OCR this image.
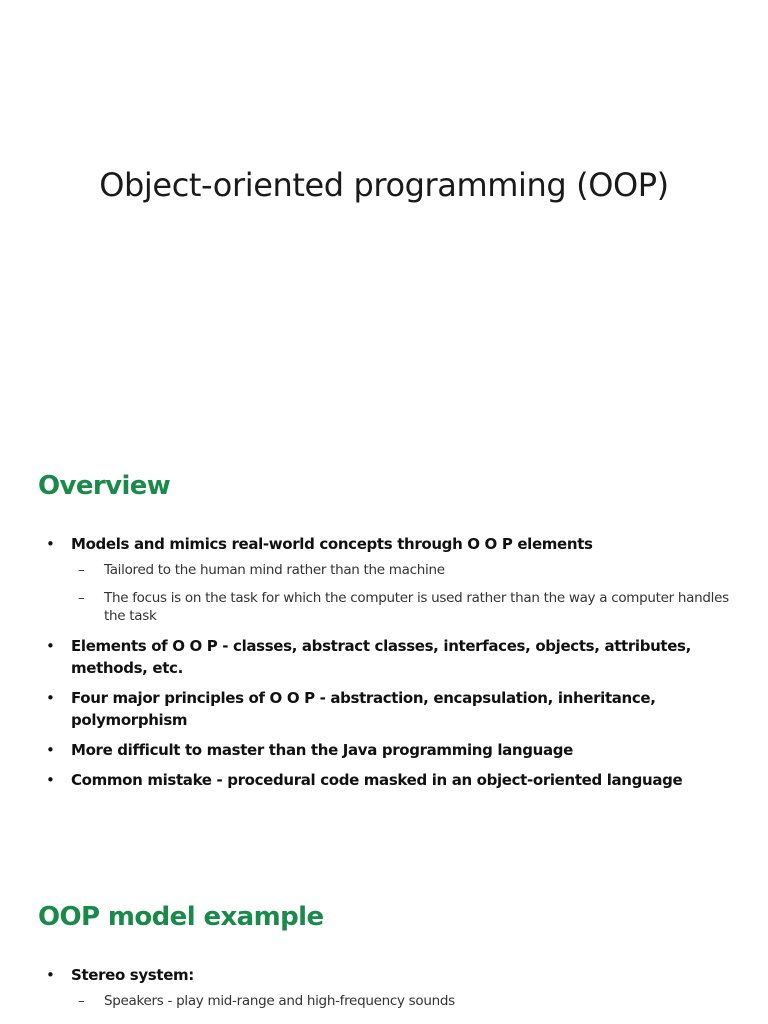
Object-oriented programming (OOP)
Overview
• Models and mimics real-world concepts through O O P elements
– Tailored to the human mind rather than the machine
– The focus is on the task for which the computer is used rather than the way a computer handles the task
• Elements of O O P - classes, abstract classes, interfaces, objects, attributes, methods, etc.
• Four major principles of O O P - abstraction, encapsulation, inheritance, polymorphism
• More difficult to master than the Java programming language
• Common mistake - procedural code masked in an object-oriented language
OOP model example
• Stereo system:
– Speakers - play mid-range and high-frequency sounds
